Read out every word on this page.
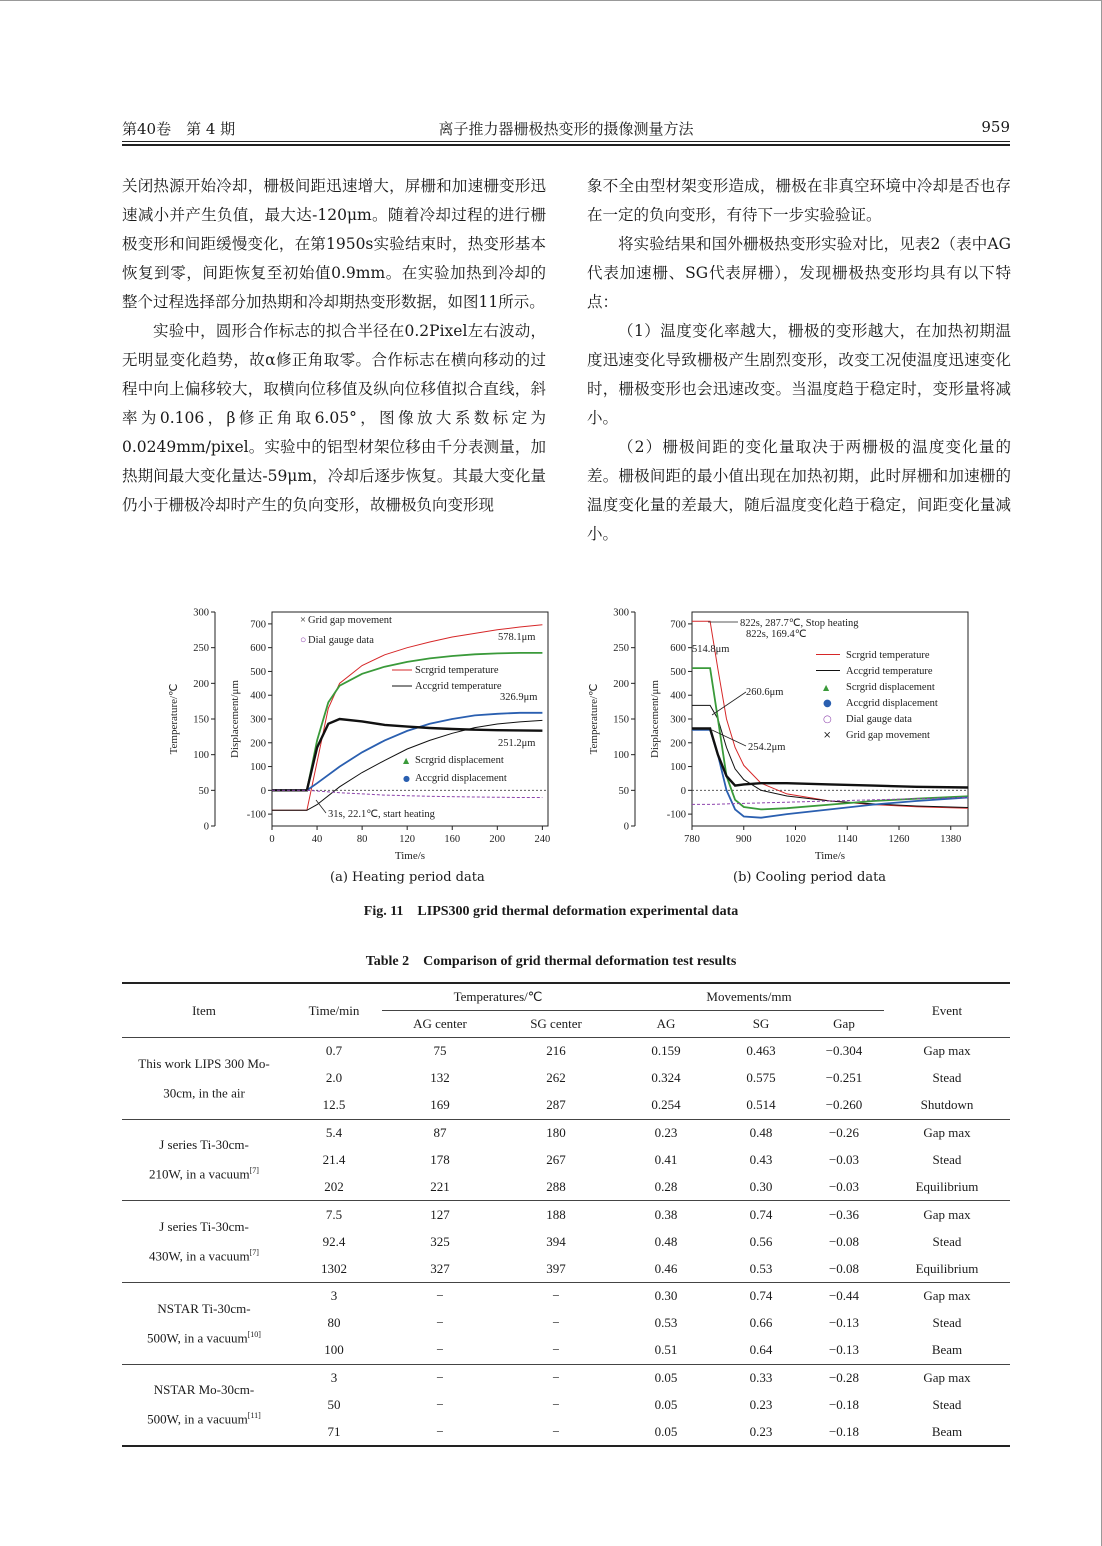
第40卷　第 4 期	离子推力器栅极热变形的摄像测量方法	959

关闭热源开始冷却，栅极间距迅速增大，屏栅和加速栅变形迅速减小并产生负值，最大达-120μm。随着冷却过程的进行栅极变形和间距缓慢变化，在第1950s实验结束时，热变形基本恢复到零，间距恢复至初始值0.9mm。在实验加热到冷却的整个过程选择部分加热期和冷却期热变形数据，如图11所示。

实验中，圆形合作标志的拟合半径在0.2Pixel左右波动，无明显变化趋势，故α修正角取零。合作标志在横向移动的过程中向上偏移较大，取横向位移值及纵向位移值拟合直线，斜率为0.106，β修正角取6.05°，图像放大系数标定为0.0249mm/pixel。实验中的铝型材架位移由千分表测量，加热期间最大变化量达-59μm，冷却后逐步恢复。其最大变化量仍小于栅极冷却时产生的负向变形，故栅极负向变形现

象不全由型材架变形造成，栅极在非真空环境中冷却是否也存在一定的负向变形，有待下一步实验验证。

将实验结果和国外栅极热变形实验对比，见表2（表中AG代表加速栅、SG代表屏栅），发现栅极热变形均具有以下特点：

（1）温度变化率越大，栅极的变形越大，在加热初期温度迅速变化导致栅极产生剧烈变形，改变工况使温度迅速变化时，栅极变形也会迅速改变。当温度趋于稳定时，变形量将减小。

（2）栅极间距的变化量取决于两栅极的温度变化量的差。栅极间距的最小值出现在加热初期，此时屏栅和加速栅的温度变化量的差最大，随后温度变化趋于稳定，间距变化量减小。

0
50
100
150
200
250
300
-100
0
100
200
300
400
500
600
700
0	40	80	120	160	200	240
Time/s
Temperature/℃	Displacement/μm
× Grid gap movement
○ Dial gauge data
Scrgrid temperature
Accgrid temperature
▲ Scrgrid displacement
● Accgrid displacement
578.1μm
326.9μm
251.2μm
31s, 22.1℃, start heating
0
50
100
150
200
250
300
-100
0
100
200
300
400
500
600
700
780	900	1020	1140	1260	1380
Time/s
Temperature/℃	Displacement/μm
Scrgrid temperature
Accgrid temperature
▲ Scrgrid displacement
● Accgrid displacement
○ Dial gauge data
× Grid gap movement
822s, 287.7℃, Stop heating
822s, 169.4℃
514.8μm
260.6μm
254.2μm
(a) Heating period data	(b) Cooling period data
Fig. 11　LIPS300 grid thermal deformation experimental data
Table 2　Comparison of grid thermal deformation test results
Item	Time/min	Temperatures/℃		Movements/mm			Event
		AG center	SG center	AG	SG	Gap	

This work LIPS 300 Mo-
30cm, in the air	0.7	75	216	0.159	0.463	−0.304	Gap max
	2.0	132	262	0.324	0.575	−0.251	Stead
	12.5	169	287	0.254	0.514	−0.260	Shutdown

J series Ti-30cm-
210W, in a vacuum[7]	5.4	87	180	0.23	0.48	−0.26	Gap max
	21.4	178	267	0.41	0.43	−0.03	Stead
	202	221	288	0.28	0.30	−0.03	Equilibrium

J series Ti-30cm-
430W, in a vacuum[7]	7.5	127	188	0.38	0.74	−0.36	Gap max
	92.4	325	394	0.48	0.56	−0.08	Stead
	1302	327	397	0.46	0.53	−0.08	Equilibrium

NSTAR Ti-30cm-
500W, in a vacuum[10]	3	−	−	0.30	0.74	−0.44	Gap max
	80	−	−	0.53	0.66	−0.13	Stead
	100	−	−	0.51	0.64	−0.13	Beam

NSTAR Mo-30cm-
500W, in a vacuum[11]	3	−	−	0.05	0.33	−0.28	Gap max
	50	−	−	0.05	0.23	−0.18	Stead
	71	−	−	0.05	0.23	−0.18	Beam
